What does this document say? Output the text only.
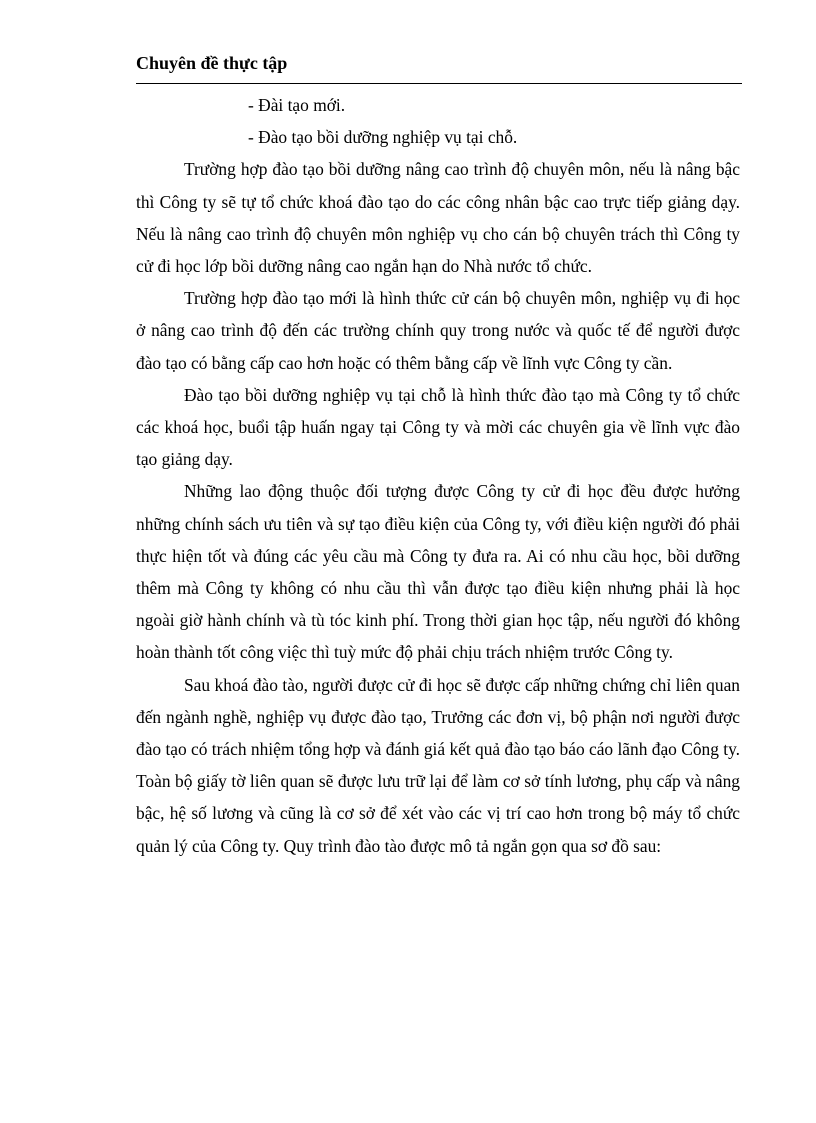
Chuyên đề thực tập

- Đài tạo mới.

- Đào tạo bồi dưỡng nghiệp vụ tại chỗ.

Trường hợp đào tạo bồi dưỡng nâng cao trình độ chuyên môn, nếu là nâng bậc thì Công ty sẽ tự tổ chức khoá đào tạo do các công nhân bậc cao trực tiếp giảng dạy. Nếu là nâng cao trình độ chuyên môn nghiệp vụ cho cán bộ chuyên trách thì Công ty cử đi học lớp bồi dưỡng nâng cao ngắn hạn do Nhà nước tổ chức.

Trường hợp đào tạo mới là hình thức cử cán bộ chuyên môn, nghiệp vụ đi học ở nâng cao trình độ đến các trường chính quy trong nước và quốc tế để người được đào tạo có bằng cấp cao hơn hoặc có thêm bằng cấp về lĩnh vực Công ty cần.

Đào tạo bồi dưỡng nghiệp vụ tại chỗ là hình thức đào tạo mà Công ty tổ chức các khoá học, buổi tập huấn ngay tại Công ty và mời các chuyên gia về lĩnh vực đào tạo giảng dạy.

Những lao động thuộc đối tượng được Công ty cử đi học đều được hưởng những chính sách ưu tiên và sự tạo điều kiện của Công ty, với điều kiện người đó phải thực hiện tốt và đúng các yêu cầu mà Công ty đưa ra. Ai có nhu cầu học, bồi dưỡng thêm mà Công ty không có nhu cầu thì vẫn được tạo điều kiện nhưng phải là học ngoài giờ hành chính và tù tóc kinh phí. Trong thời gian học tập, nếu người đó không hoàn thành tốt công việc thì tuỳ mức độ phải chịu trách nhiệm trước Công ty.

Sau khoá đào tào, người được cử đi học sẽ được cấp những chứng chỉ liên quan đến ngành nghề, nghiệp vụ được đào tạo, Trưởng các đơn vị, bộ phận nơi người được đào tạo có trách nhiệm tổng hợp và đánh giá kết quả đào tạo báo cáo lãnh đạo Công ty. Toàn bộ giấy tờ liên quan sẽ được lưu trữ lại để làm cơ sở tính lương, phụ cấp và nâng bậc, hệ số lương và cũng là cơ sở để xét vào các vị trí cao hơn trong bộ máy tổ chức quản lý của Công ty. Quy trình đào tào được mô tả ngắn gọn qua sơ đồ sau:
